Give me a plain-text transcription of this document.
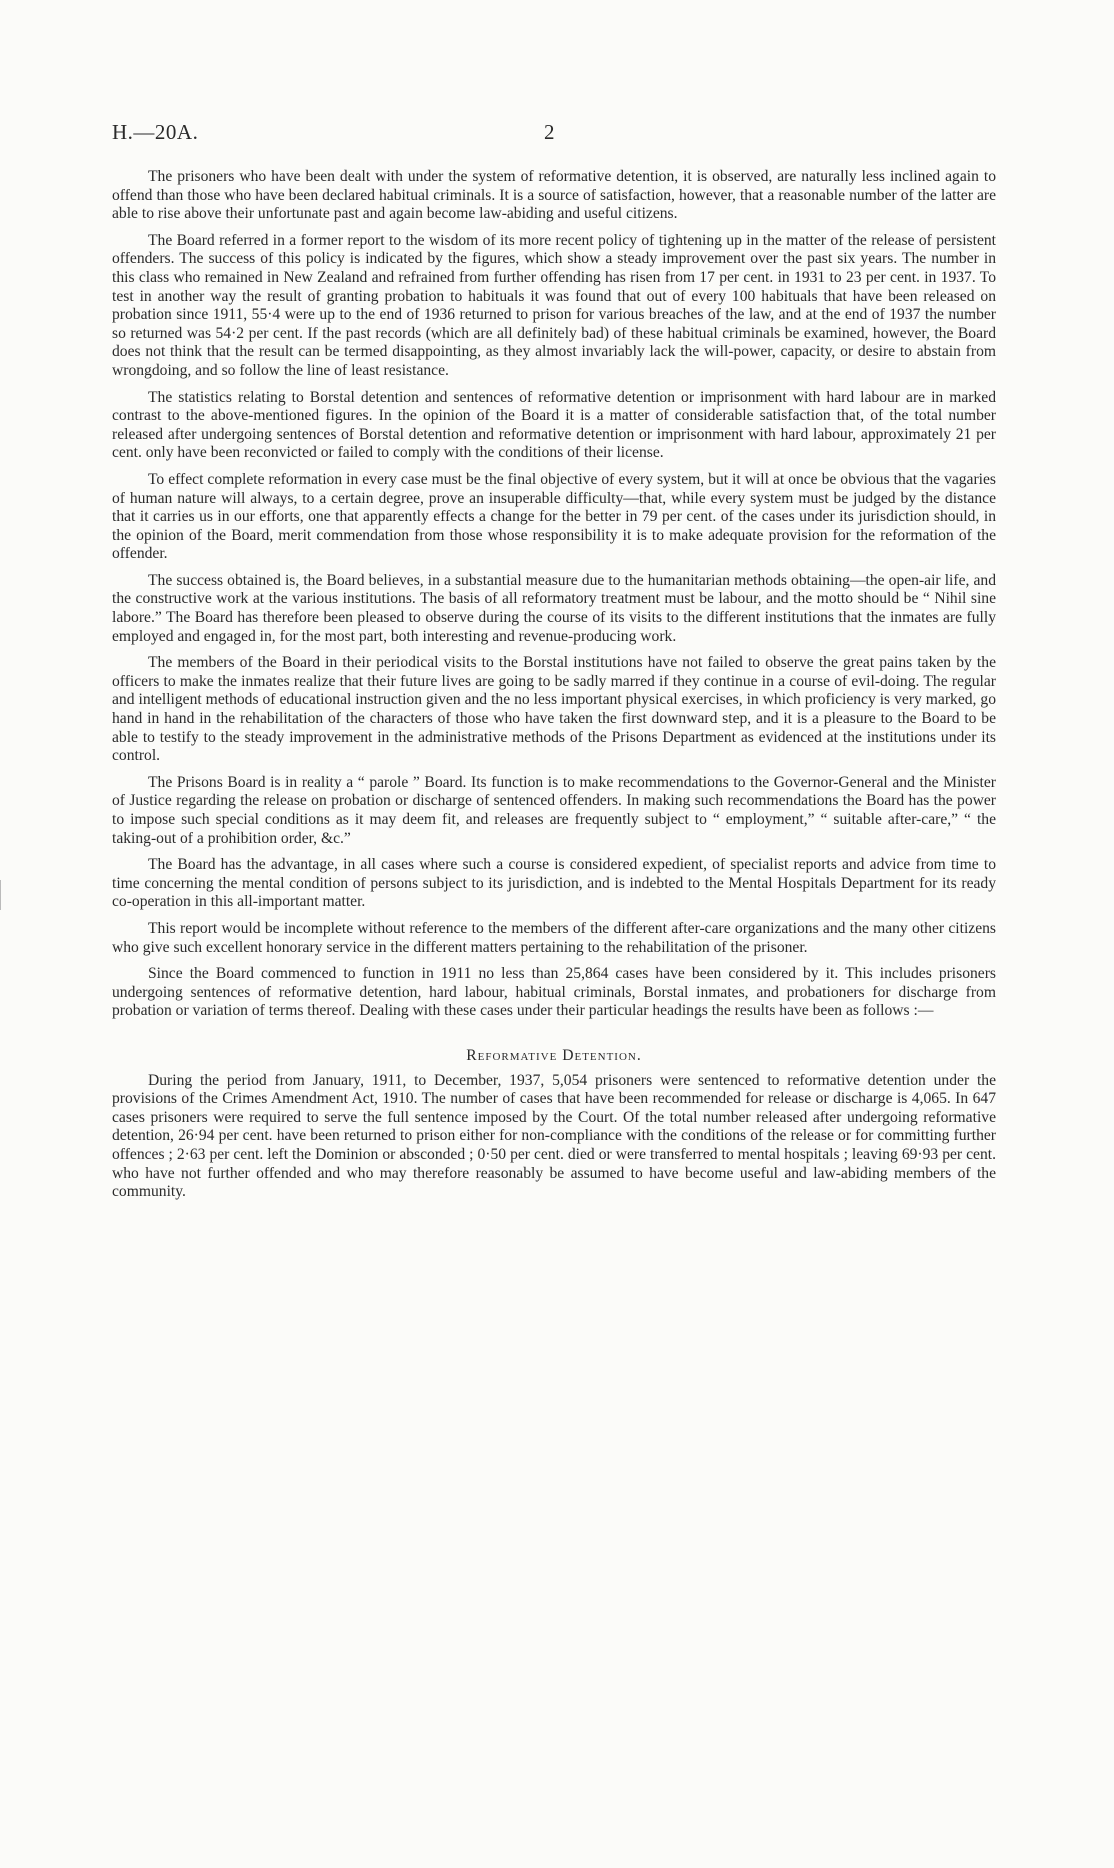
H.—20A.	2

The prisoners who have been dealt with under the system of reformative detention, it is observed, are naturally less inclined again to offend than those who have been declared habitual criminals. It is a source of satisfaction, however, that a reasonable number of the latter are able to rise above their unfortunate past and again become law-abiding and useful citizens.

The Board referred in a former report to the wisdom of its more recent policy of tightening up in the matter of the release of persistent offenders. The success of this policy is indicated by the figures, which show a steady improvement over the past six years. The number in this class who remained in New Zealand and refrained from further offending has risen from 17 per cent. in 1931 to 23 per cent. in 1937. To test in another way the result of granting probation to habituals it was found that out of every 100 habituals that have been released on probation since 1911, 55·4 were up to the end of 1936 returned to prison for various breaches of the law, and at the end of 1937 the number so returned was 54·2 per cent. If the past records (which are all definitely bad) of these habitual criminals be examined, however, the Board does not think that the result can be termed disappointing, as they almost invariably lack the will-power, capacity, or desire to abstain from wrongdoing, and so follow the line of least resistance.

The statistics relating to Borstal detention and sentences of reformative detention or imprisonment with hard labour are in marked contrast to the above-mentioned figures. In the opinion of the Board it is a matter of considerable satisfaction that, of the total number released after undergoing sentences of Borstal detention and reformative detention or imprisonment with hard labour, approximately 21 per cent. only have been reconvicted or failed to comply with the conditions of their license.

To effect complete reformation in every case must be the final objective of every system, but it will at once be obvious that the vagaries of human nature will always, to a certain degree, prove an insuperable difficulty—that, while every system must be judged by the distance that it carries us in our efforts, one that apparently effects a change for the better in 79 per cent. of the cases under its jurisdiction should, in the opinion of the Board, merit commendation from those whose responsibility it is to make adequate provision for the reformation of the offender.

The success obtained is, the Board believes, in a substantial measure due to the humanitarian methods obtaining—the open-air life, and the constructive work at the various institutions. The basis of all reformatory treatment must be labour, and the motto should be “ Nihil sine labore.” The Board has therefore been pleased to observe during the course of its visits to the different institutions that the inmates are fully employed and engaged in, for the most part, both interesting and revenue-producing work.

The members of the Board in their periodical visits to the Borstal institutions have not failed to observe the great pains taken by the officers to make the inmates realize that their future lives are going to be sadly marred if they continue in a course of evil-doing. The regular and intelligent methods of educational instruction given and the no less important physical exercises, in which proficiency is very marked, go hand in hand in the rehabilitation of the characters of those who have taken the first downward step, and it is a pleasure to the Board to be able to testify to the steady improvement in the administrative methods of the Prisons Department as evidenced at the institutions under its control.

The Prisons Board is in reality a “ parole ” Board. Its function is to make recommendations to the Governor-General and the Minister of Justice regarding the release on probation or discharge of sentenced offenders. In making such recommendations the Board has the power to impose such special conditions as it may deem fit, and releases are frequently subject to “ employment,” “ suitable after-care,” “ the taking-out of a prohibition order, &c.”

The Board has the advantage, in all cases where such a course is considered expedient, of specialist reports and advice from time to time concerning the mental condition of persons subject to its jurisdiction, and is indebted to the Mental Hospitals Department for its ready co-operation in this all-important matter.

This report would be incomplete without reference to the members of the different after-care organizations and the many other citizens who give such excellent honorary service in the different matters pertaining to the rehabilitation of the prisoner.

Since the Board commenced to function in 1911 no less than 25,864 cases have been considered by it. This includes prisoners undergoing sentences of reformative detention, hard labour, habitual criminals, Borstal inmates, and probationers for discharge from probation or variation of terms thereof. Dealing with these cases under their particular headings the results have been as follows :—

Reformative Detention.

During the period from January, 1911, to December, 1937, 5,054 prisoners were sentenced to reformative detention under the provisions of the Crimes Amendment Act, 1910. The number of cases that have been recommended for release or discharge is 4,065. In 647 cases prisoners were required to serve the full sentence imposed by the Court. Of the total number released after undergoing reformative detention, 26·94 per cent. have been returned to prison either for non-compliance with the conditions of the release or for committing further offences ; 2·63 per cent. left the Dominion or absconded ; 0·50 per cent. died or were transferred to mental hospitals ; leaving 69·93 per cent. who have not further offended and who may therefore reasonably be assumed to have become useful and law-abiding members of the community.
